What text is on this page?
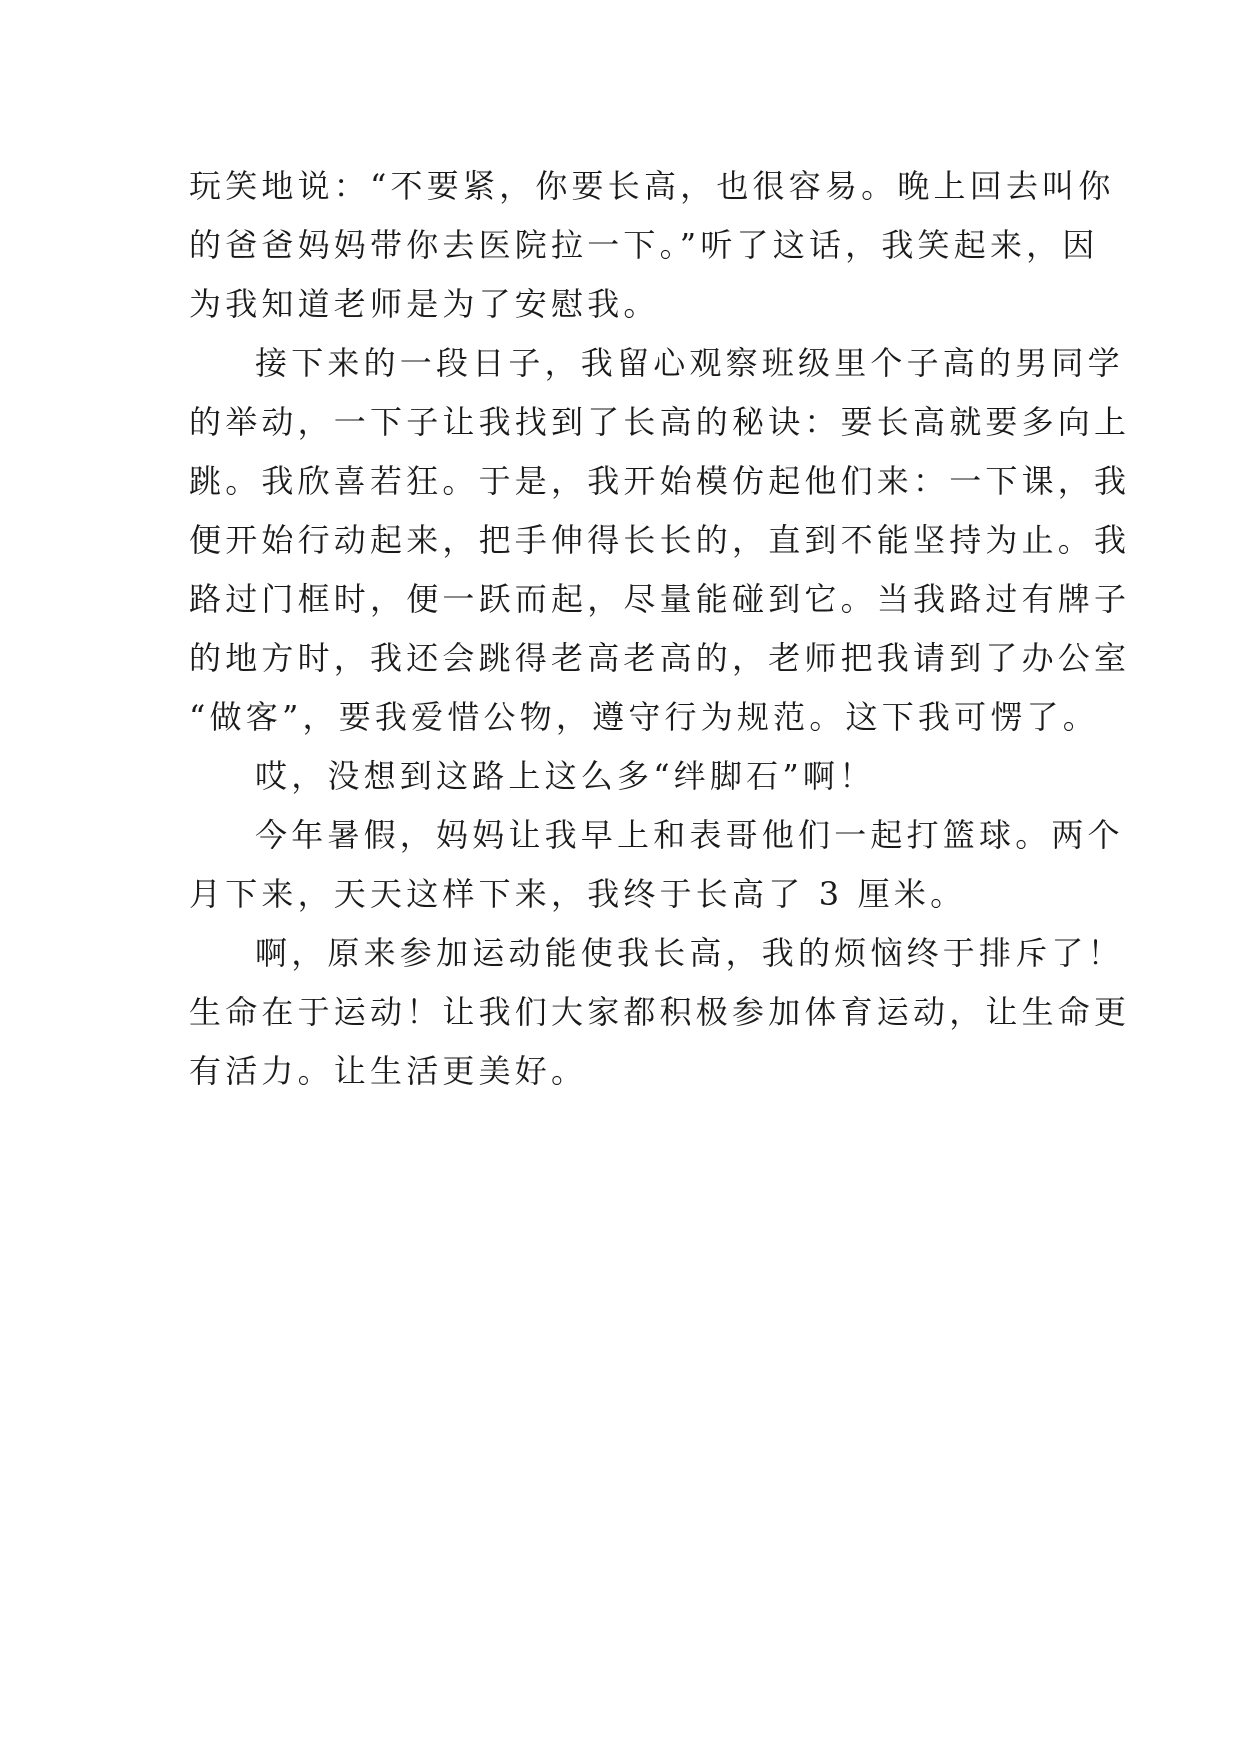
玩笑地说：“不要紧，你要长高，也很容易。晚上回去叫你
的爸爸妈妈带你去医院拉一下。”听了这话，我笑起来，因
为我知道老师是为了安慰我。
接下来的一段日子，我留心观察班级里个子高的男同学
的举动，一下子让我找到了长高的秘诀：要长高就要多向上
跳。我欣喜若狂。于是，我开始模仿起他们来：一下课，我
便开始行动起来，把手伸得长长的，直到不能坚持为止。我
路过门框时，便一跃而起，尽量能碰到它。当我路过有牌子
的地方时，我还会跳得老高老高的，老师把我请到了办公室
“做客”，要我爱惜公物，遵守行为规范。这下我可愣了。
哎，没想到这路上这么多“绊脚石”啊！
今年暑假，妈妈让我早上和表哥他们一起打篮球。两个
月下来，天天这样下来，我终于长高了 3 厘米。
啊，原来参加运动能使我长高，我的烦恼终于排斥了！
生命在于运动！让我们大家都积极参加体育运动，让生命更
有活力。让生活更美好。
